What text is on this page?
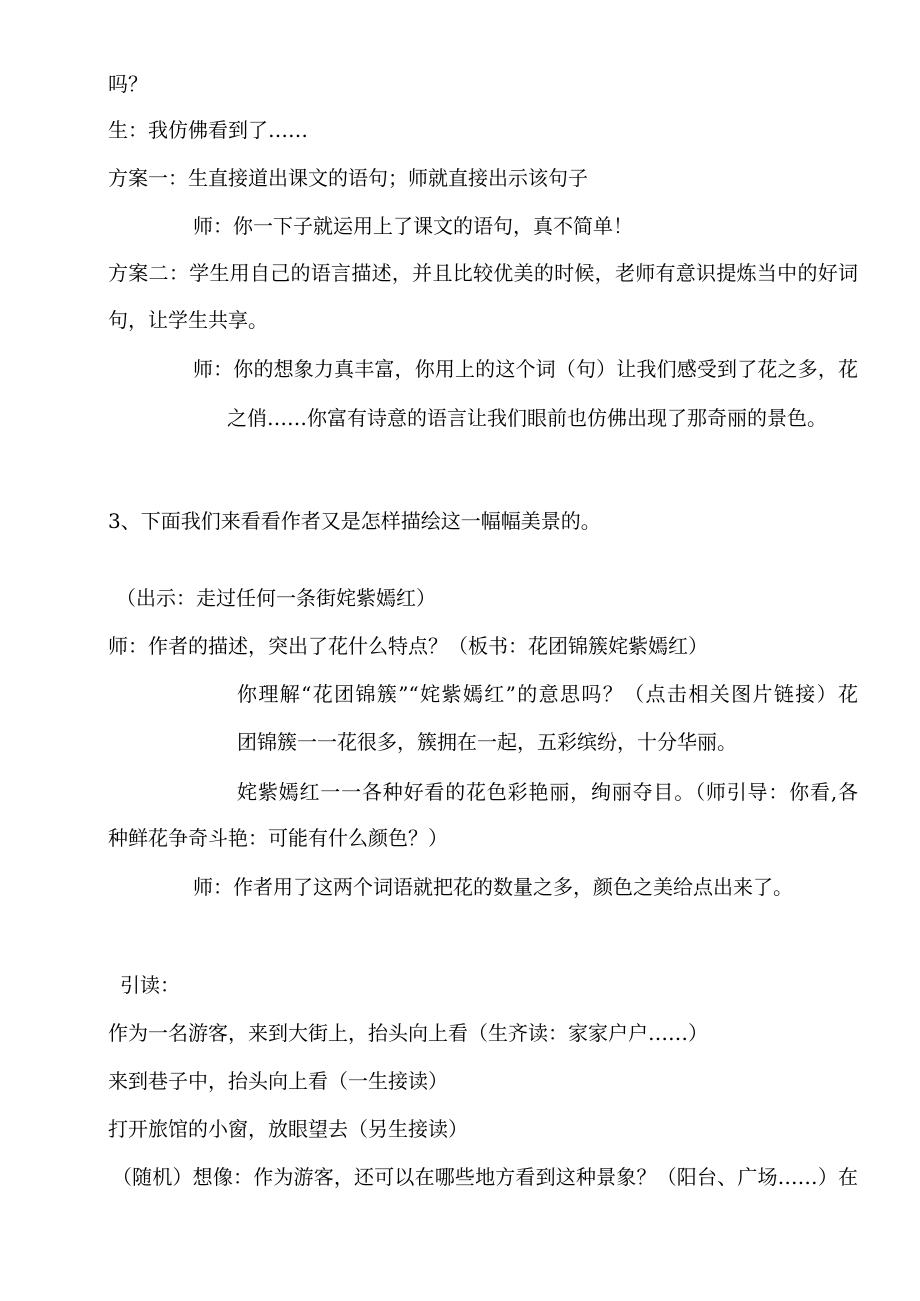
吗？
生：我仿佛看到了……
方案一：生直接道出课文的语句；师就直接出示该句子
师：你一下子就运用上了课文的语句，真不简单！
方案二：学生用自己的语言描述，并且比较优美的时候，老师有意识提炼当中的好词
句，让学生共享。
师：你的想象力真丰富，你用上的这个词（句）让我们感受到了花之多，花
之俏……你富有诗意的语言让我们眼前也仿佛出现了那奇丽的景色。
3、下面我们来看看作者又是怎样描绘这一幅幅美景的。
（出示：走过任何一条街姹紫嫣红）
师：作者的描述，突出了花什么特点？（板书：花团锦簇姹紫嫣红）
你理解“花团锦簇”“姹紫嫣红”的意思吗？（点击相关图片链接）花
团锦簇一一花很多，簇拥在一起，五彩缤纷，十分华丽。
姹紫嫣红一一各种好看的花色彩艳丽，绚丽夺目。（师引导：你看,各
种鲜花争奇斗艳：可能有什么颜色？）
师：作者用了这两个词语就把花的数量之多，颜色之美给点出来了。
引读：
作为一名游客，来到大街上，抬头向上看（生齐读：家家户户……）
来到巷子中，抬头向上看（一生接读）
打开旅馆的小窗，放眼望去（另生接读）
（随机）想像：作为游客，还可以在哪些地方看到这种景象？（阳台、广场……）在
